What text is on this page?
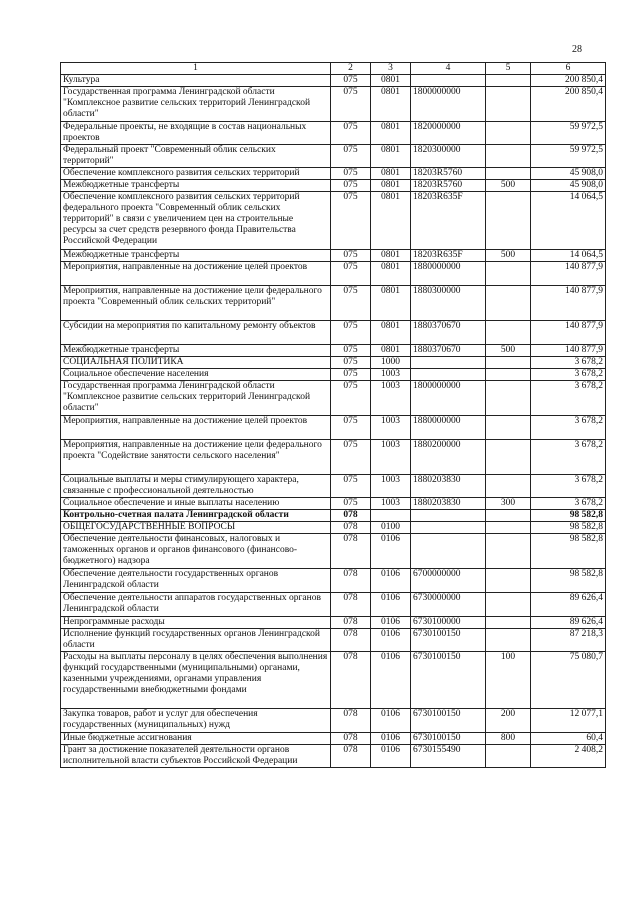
28
1	2	3	4	5	6
Культура	075	0801			200 850,4
Государственная программа Ленинградской области "Комплексное развитие сельских территорий Ленинградской области"	075	0801	1800000000		200 850,4
Федеральные проекты, не входящие в состав национальных проектов	075	0801	1820000000		59 972,5
Федеральный проект "Современный облик сельских территорий"	075	0801	1820300000		59 972,5
Обеспечение комплексного развития сельских территорий	075	0801	18203R5760		45 908,0
Межбюджетные трансферты	075	0801	18203R5760	500	45 908,0
Обеспечение комплексного развития сельских территорий федерального проекта "Современный облик сельских территорий" в связи с увеличением цен на строительные ресурсы за счет средств резервного фонда Правительства Российской Федерации	075	0801	18203R635F		14 064,5
Межбюджетные трансферты	075	0801	18203R635F	500	14 064,5
Мероприятия, направленные на достижение целей проектов	075	0801	1880000000		140 877,9
Мероприятия, направленные на достижение цели федерального проекта "Современный облик сельских территорий"	075	0801	1880300000		140 877,9
Субсидии на мероприятия по капитальному ремонту объектов	075	0801	1880370670		140 877,9
Межбюджетные трансферты	075	0801	1880370670	500	140 877,9
СОЦИАЛЬНАЯ ПОЛИТИКА	075	1000			3 678,2
Социальное обеспечение населения	075	1003			3 678,2
Государственная программа Ленинградской области "Комплексное развитие сельских территорий Ленинградской области"	075	1003	1800000000		3 678,2
Мероприятия, направленные на достижение целей проектов	075	1003	1880000000		3 678,2
Мероприятия, направленные на достижение цели федерального проекта "Содействие занятости сельского населения"	075	1003	1880200000		3 678,2
Социальные выплаты и меры стимулирующего характера, связанные с профессиональной деятельностью	075	1003	1880203830		3 678,2
Социальное обеспечение и иные выплаты населению	075	1003	1880203830	300	3 678,2
Контрольно-счетная палата Ленинградской области	078				98 582,8
ОБЩЕГОСУДАРСТВЕННЫЕ ВОПРОСЫ	078	0100			98 582,8
Обеспечение деятельности финансовых, налоговых и таможенных органов и органов финансового (финансово-бюджетного) надзора	078	0106			98 582,8
Обеспечение деятельности государственных органов Ленинградской области	078	0106	6700000000		98 582,8
Обеспечение деятельности аппаратов государственных органов Ленинградской области	078	0106	6730000000		89 626,4
Непрограммные расходы	078	0106	6730100000		89 626,4
Исполнение функций государственных органов Ленинградской области	078	0106	6730100150		87 218,3
Расходы на выплаты персоналу в целях обеспечения выполнения функций государственными (муниципальными) органами, казенными учреждениями, органами управления государственными внебюджетными фондами	078	0106	6730100150	100	75 080,7
Закупка товаров, работ и услуг для обеспечения государственных (муниципальных) нужд	078	0106	6730100150	200	12 077,1
Иные бюджетные ассигнования	078	0106	6730100150	800	60,4
Грант за достижение показателей деятельности органов исполнительной власти субъектов Российской Федерации	078	0106	6730155490		2 408,2
